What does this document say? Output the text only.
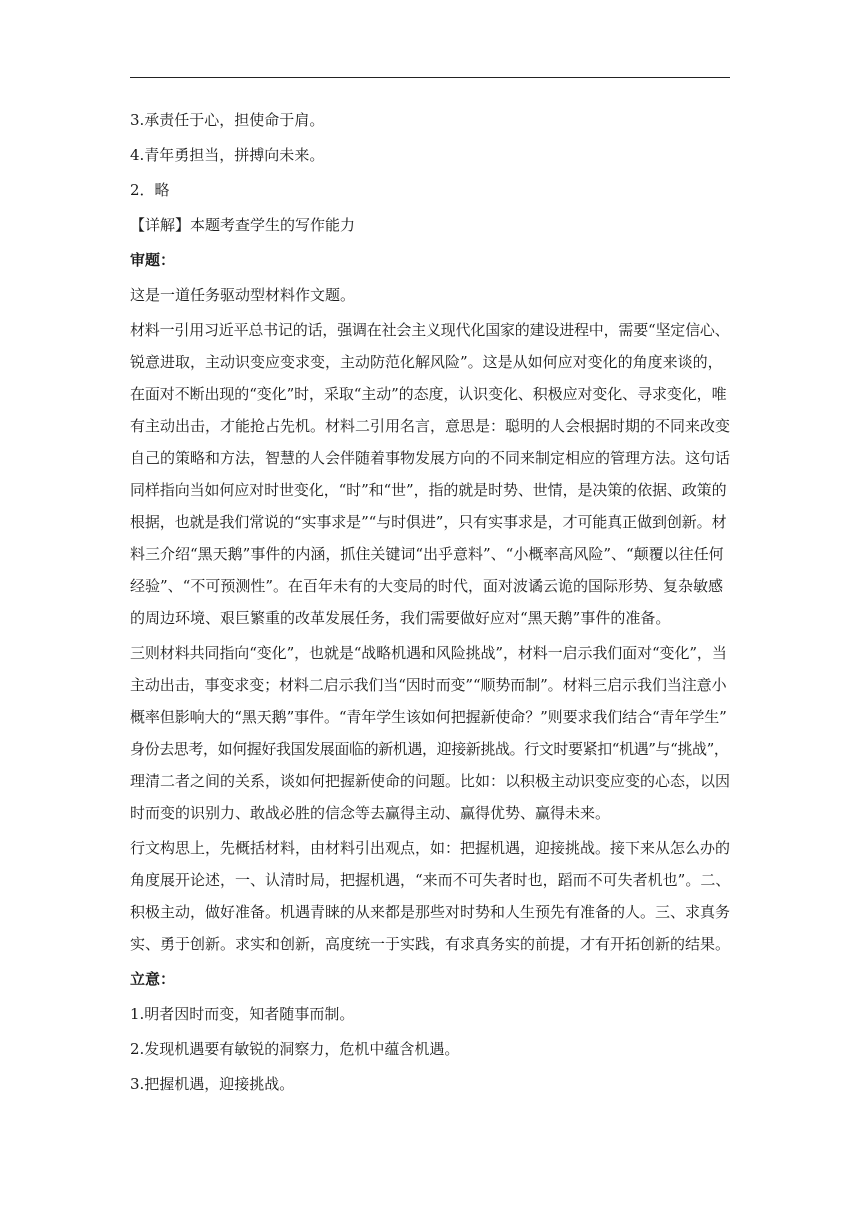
3.承责任于心，担使命于肩。
4.青年勇担当，拼搏向未来。
2．略
【详解】本题考查学生的写作能力
审题：
这是一道任务驱动型材料作文题。
材料一引用习近平总书记的话，强调在社会主义现代化国家的建设进程中，需要“坚定信心、
锐意进取，主动识变应变求变，主动防范化解风险”。这是从如何应对变化的角度来谈的，
在面对不断出现的“变化”时，采取“主动”的态度，认识变化、积极应对变化、寻求变化，唯
有主动出击，才能抢占先机。材料二引用名言，意思是：聪明的人会根据时期的不同来改变
自己的策略和方法，智慧的人会伴随着事物发展方向的不同来制定相应的管理方法。这句话
同样指向当如何应对时世变化，“时”和“世”，指的就是时势、世情，是决策的依据、政策的
根据，也就是我们常说的“实事求是”“与时俱进”，只有实事求是，才可能真正做到创新。材
料三介绍“黑天鹅”事件的内涵，抓住关键词“出乎意料”、“小概率高风险”、“颠覆以往任何
经验”、“不可预测性”。在百年未有的大变局的时代，面对波谲云诡的国际形势、复杂敏感
的周边环境、艰巨繁重的改革发展任务，我们需要做好应对“黑天鹅”事件的准备。
三则材料共同指向“变化”，也就是“战略机遇和风险挑战”，材料一启示我们面对“变化”，当
主动出击，事变求变；材料二启示我们当“因时而变”“顺势而制”。材料三启示我们当注意小
概率但影响大的“黑天鹅”事件。“青年学生该如何把握新使命？”则要求我们结合“青年学生”
身份去思考，如何握好我国发展面临的新机遇，迎接新挑战。行文时要紧扣“机遇”与“挑战”，
理清二者之间的关系，谈如何把握新使命的问题。比如：以积极主动识变应变的心态，以因
时而变的识别力、敢战必胜的信念等去赢得主动、赢得优势、赢得未来。
行文构思上，先概括材料，由材料引出观点，如：把握机遇，迎接挑战。接下来从怎么办的
角度展开论述，一、认清时局，把握机遇，“来而不可失者时也，蹈而不可失者机也”。二、
积极主动，做好准备。机遇青睐的从来都是那些对时势和人生预先有准备的人。三、求真务
实、勇于创新。求实和创新，高度统一于实践，有求真务实的前提，才有开拓创新的结果。
立意：
1.明者因时而变，知者随事而制。
2.发现机遇要有敏锐的洞察力，危机中蕴含机遇。
3.把握机遇，迎接挑战。
